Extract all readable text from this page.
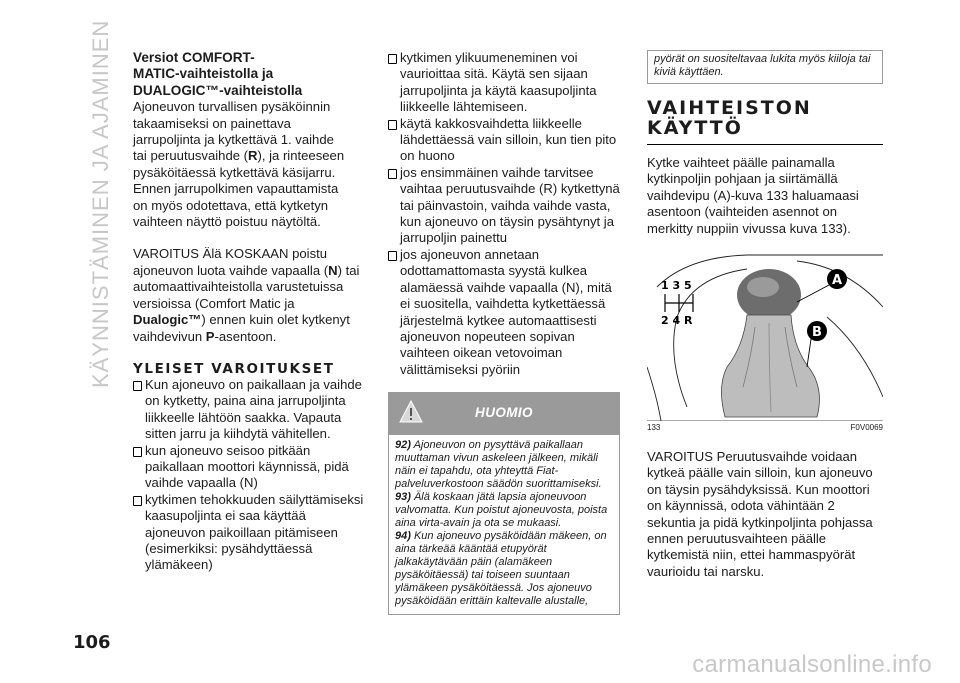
KÄYNNISTÄMINEN JA AJAMINEN Versiot COMFORT-
MATIC-vaihteistolla ja
DUALOGIC™-vaihteistolla

Ajoneuvon turvallisen pysäköinnin
takaamiseksi on painettava
jarrupoljinta ja kytkettävä 1. vaihde
tai peruutusvaihde (R), ja rinteeseen
pysäköitäessä kytkettävä käsijarru.
Ennen jarrupolkimen vapauttamista
on myös odotettava, että kytketyn
vaihteen näyttö poistuu näytöltä.

VAROITUS Älä KOSKAAN poistu
ajoneuvon luota vaihde vapaalla (N) tai
automaattivaihteistolla varustetuissa
versioissa (Comfort Matic ja
Dualogic™) ennen kuin olet kytkenyt
vaihdevivun P-asentoon.

YLEISET VAROITUKSET

Kun ajoneuvo on paikallaan ja vaihde on kytketty, paina aina jarrupoljinta liikkeelle lähtöön saakka. Vapauta sitten jarru ja kiihdytä vähitellen.

kun ajoneuvo seisoo pitkään paikallaan moottori käynnissä, pidä vaihde vapaalla (N)

kytkimen tehokkuuden säilyttämiseksi kaasupoljinta ei saa käyttää ajoneuvon paikoillaan pitämiseen (esimerkiksi: pysähdyttäessä ylämäkeen)

kytkimen ylikuumeneminen voi vaurioittaa sitä. Käytä sen sijaan jarrupoljinta ja käytä kaasupoljinta liikkeelle lähtemiseen.

käytä kakkosvaihdetta liikkeelle lähdettäessä vain silloin, kun tien pito on huono

jos ensimmäinen vaihde tarvitsee vaihtaa peruutusvaihde (R) kytkettynä tai päinvastoin, vaihda vaihde vasta, kun ajoneuvo on täysin pysähtynyt ja jarrupoljin painettu

jos ajoneuvon annetaan odottamattomasta syystä kulkea alamäessä vaihde vapaalla (N), mitä ei suositella, vaihdetta kytkettäessä järjestelmä kytkee automaattisesti ajoneuvon nopeuteen sopivan vaihteen oikean vetovoiman välittämiseksi pyöriin

HUOMIO

92) Ajoneuvon on pysyttävä paikallaan muuttaman vivun askeleen jälkeen, mikäli näin ei tapahdu, ota yhteyttä Fiat-palveluverkostoon säädön suorittamiseksi.

93) Älä koskaan jätä lapsia ajoneuvoon valvomatta. Kun poistut ajoneuvosta, poista aina virta-avain ja ota se mukaasi.

94) Kun ajoneuvo pysäköidään mäkeen, on aina tärkeää kääntää etupyörät jalkakäytävään päin (alamäkeen pysäköitäessä) tai toiseen suuntaan ylämäkeen pysäköitäessä. Jos ajoneuvo pysäköidään erittäin kaltevalle alustalle,

pyörät on suositeltavaa lukita myös kiiloja tai kiviä käyttäen.

VAIHTEISTON
KÄYTTÖ

Kytke vaihteet päälle painamalla kytkinpoljin pohjaan ja siirtämällä vaihdevipu (A)-kuva 133 haluamaasi asentoon (vaihteiden asennot on merkitty nuppiin vivussa kuva 133).

1 3 5
2 4 R
A
B
133	F0V0069

VAROITUS Peruutusvaihde voidaan kytkeä päälle vain silloin, kun ajoneuvo on täysin pysähdyksissä. Kun moottori on käynnissä, odota vähintään 2 sekuntia ja pidä kytkinpoljinta pohjassa ennen peruutusvaihteen päälle kytkemistä niin, ettei hammaspyörät vaurioidu tai narsku.

106
carmanualsonline.info
